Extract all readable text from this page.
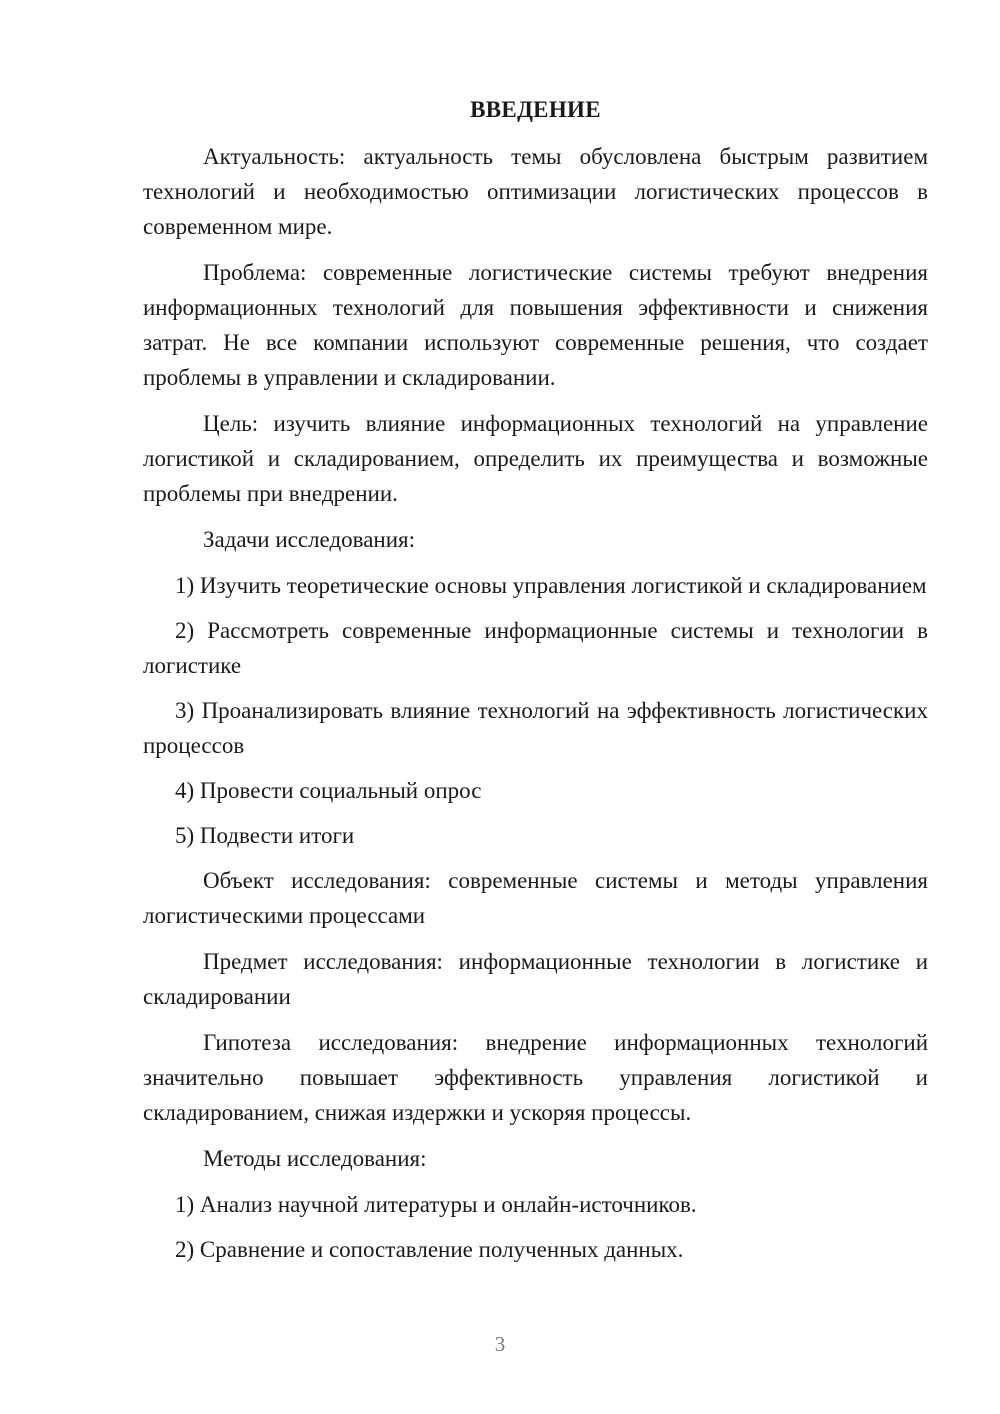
ВВЕДЕНИЕ

Актуальность: актуальность темы обусловлена быстрым развитием технологий и необходимостью оптимизации логистических процессов в современном мире.

Проблема: современные логистические системы требуют внедрения информационных технологий для повышения эффективности и снижения затрат. Не все компании используют современные решения, что создает проблемы в управлении и складировании.

Цель: изучить влияние информационных технологий на управление логистикой и складированием, определить их преимущества и возможные проблемы при внедрении.

Задачи исследования:

1) Изучить теоретические основы управления логистикой и складированием

2) Рассмотреть современные информационные системы и технологии в логистике

3) Проанализировать влияние технологий на эффективность логистических процессов

4) Провести социальный опрос

5) Подвести итоги

Объект исследования: современные системы и методы управления логистическими процессами

Предмет исследования: информационные технологии в логистике и складировании

Гипотеза исследования: внедрение информационных технологий значительно повышает эффективность управления логистикой и складированием, снижая издержки и ускоряя процессы.

Методы исследования:

1) Анализ научной литературы и онлайн-источников.

2) Сравнение и сопоставление полученных данных.

3
